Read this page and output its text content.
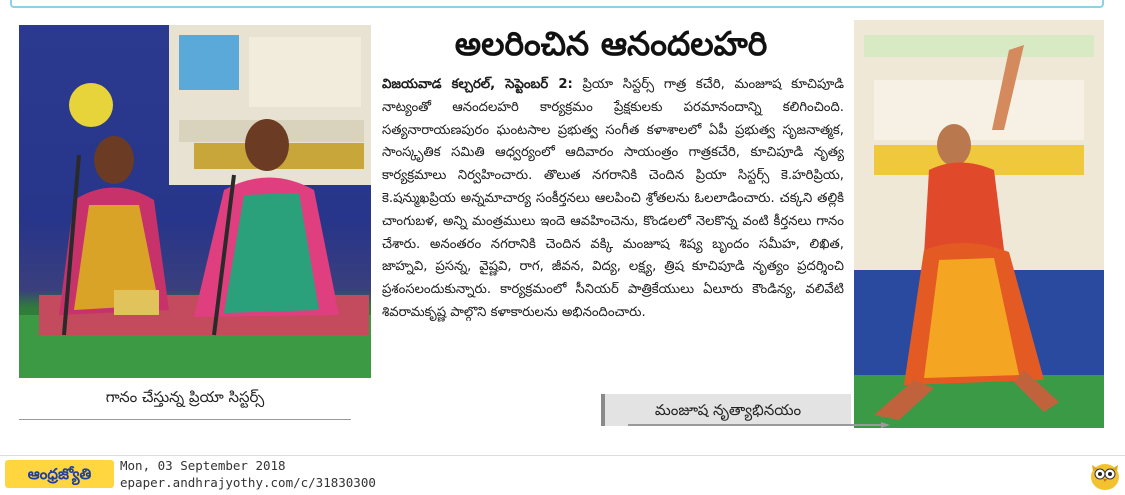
గానం చేస్తున్న ప్రియా సిస్టర్స్
అలరించిన ఆనందలహరి
విజయవాడ కల్చరల్, సెప్టెంబర్ 2: ప్రియా సిస్టర్స్ గాత్ర కచేరి, మంజూష కూచిపూడి నాట్యంతో ఆనందలహరి కార్యక్రమం ప్రేక్షకులకు పరమానందాన్ని కలిగించింది. సత్యనారాయణపురం ఘంటసాల ప్రభుత్వ సంగీత కళాశాలలో ఏపీ ప్రభుత్వ సృజనాత్మక, సాంస్కృతిక సమితి ఆధ్వర్యంలో ఆదివారం సాయంత్రం గాత్రకచేరి, కూచిపూడి నృత్య కార్యక్రమాలు నిర్వహించారు. తొలుత నగరానికి చెందిన ప్రియా సిస్టర్స్ కె.హరిప్రియ, కె.షన్ముఖప్రియ అన్నమాచార్య సంకీర్తనలు ఆలపించి శ్రోతలను ఓలలాడించారు. చక్కని తల్లికి చాంగుబళ, అన్ని మంత్రములు ఇందె ఆవహించెను, కొండలలో నెలకొన్న వంటి కీర్తనలు గానం చేశారు. అనంతరం నగరానికి చెందిన వక్కి మంజూష శిష్య బృందం సమీహ, లిఖిత, జాహ్నవి, ప్రసన్న, వైష్ణవి, రాగ, జీవన, విద్య, లక్ష్య, త్రిష కూచిపూడి నృత్యం ప్రదర్శించి ప్రశంసలందుకున్నారు. కార్యక్రమంలో సీనియర్ పాత్రికేయులు ఏలూరు కౌండిన్య, వలివేటి శివరామకృష్ణ పాల్గొని కళాకారులను అభినందించారు.
మంజూష నృత్యాభినయం
ఆంధ్రజ్యోతి	Mon, 03 September 2018
epaper.andhrajyothy.com/c/31830300
